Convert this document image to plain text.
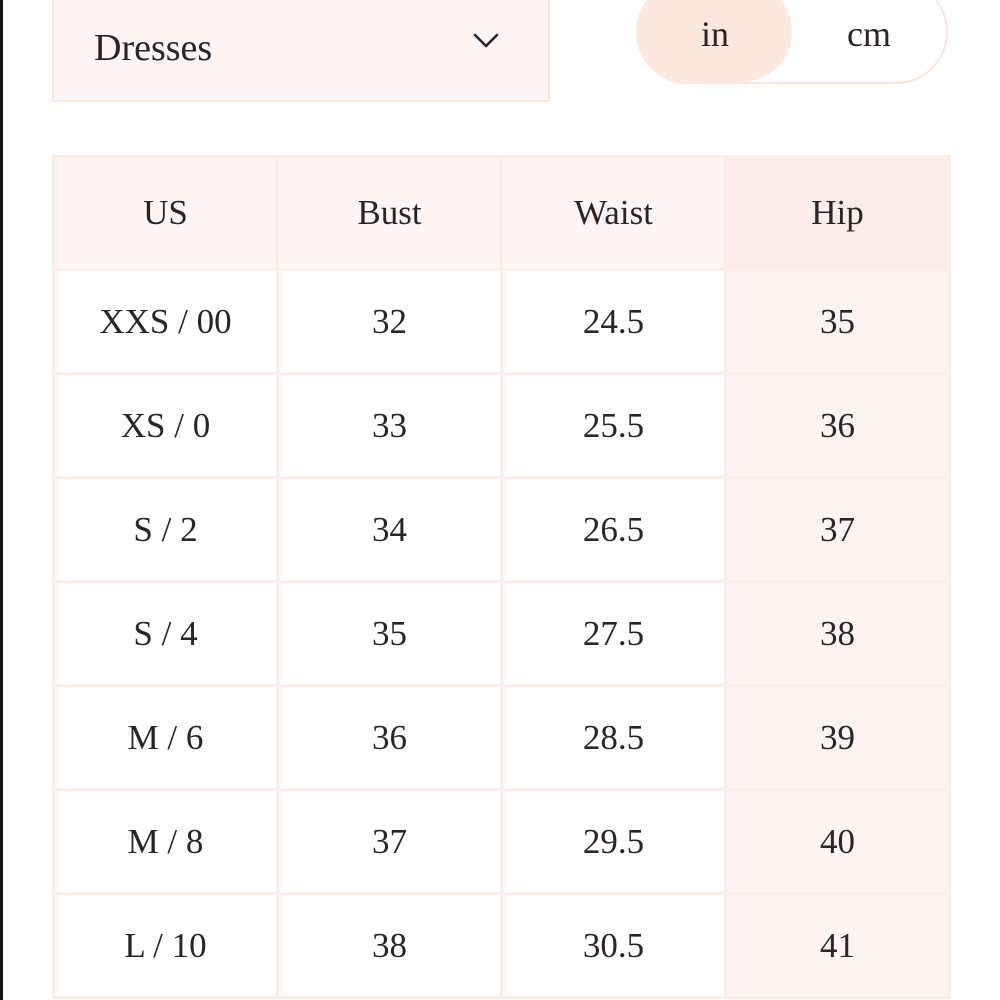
Dresses	in	cm
US	Bust	Waist	Hip
XXS / 00	32	24.5	35
XS / 0	33	25.5	36
S / 2	34	26.5	37
S / 4	35	27.5	38
M / 6	36	28.5	39
M / 8	37	29.5	40
L / 10	38	30.5	41
